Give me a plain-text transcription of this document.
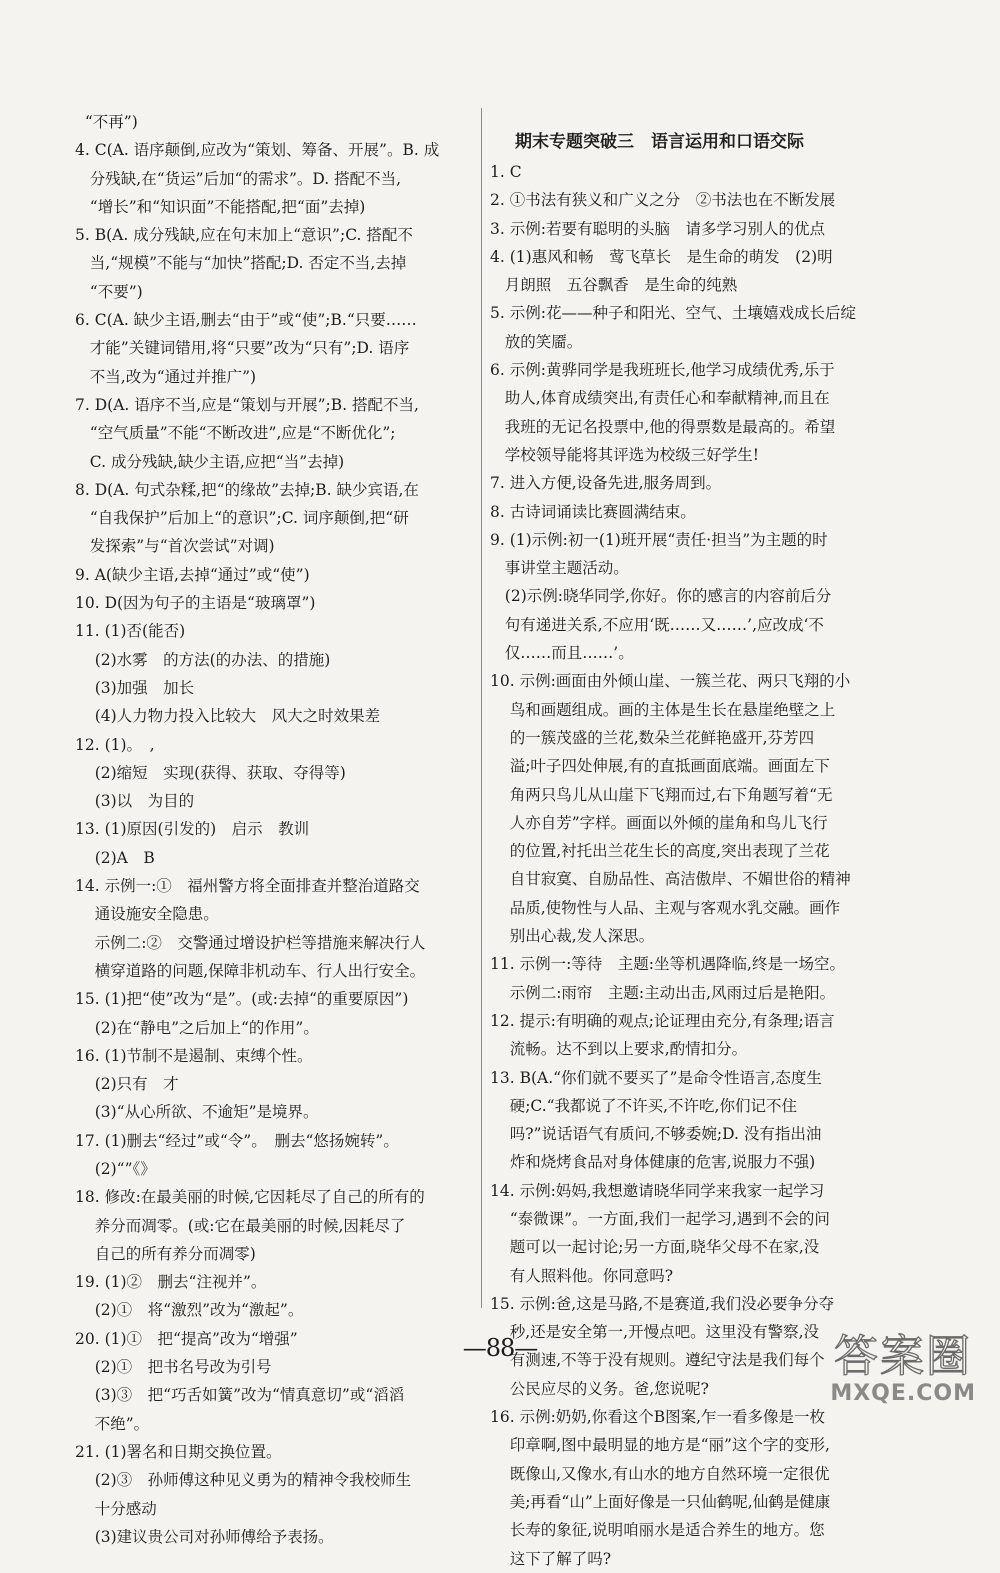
“不再”)
4. C(A. 语序颠倒,应改为“策划、筹备、开展”。B. 成
分残缺,在“货运”后加“的需求”。D. 搭配不当,
“增长”和“知识面”不能搭配,把“面”去掉)
5. B(A. 成分残缺,应在句末加上“意识”;C. 搭配不
当,“规模”不能与“加快”搭配;D. 否定不当,去掉
“不要”)
6. C(A. 缺少主语,删去“由于”或“使”;B.“只要……
才能”关键词错用,将“只要”改为“只有”;D. 语序
不当,改为“通过并推广”)
7. D(A. 语序不当,应是“策划与开展”;B. 搭配不当,
“空气质量”不能“不断改进”,应是“不断优化”;
C. 成分残缺,缺少主语,应把“当”去掉)
8. D(A. 句式杂糅,把“的缘故”去掉;B. 缺少宾语,在
“自我保护”后加上“的意识”;C. 词序颠倒,把“研
发探索”与“首次尝试”对调)
9. A(缺少主语,去掉“通过”或“使”)
10. D(因为句子的主语是“玻璃罩”)
11. (1)否(能否)
(2)水雾　的方法(的办法、的措施)
(3)加强　加长
(4)人力物力投入比较大　风大之时效果差
12. (1)。　,
(2)缩短　实现(获得、获取、夺得等)
(3)以　为目的
13. (1)原因(引发的)　启示　教训
(2)A　B
14. 示例一:①　福州警方将全面排查并整治道路交
通设施安全隐患。
示例二:②　交警通过增设护栏等措施来解决行人
横穿道路的问题,保障非机动车、行人出行安全。
15. (1)把“使”改为“是”。(或:去掉“的重要原因”)
(2)在“静电”之后加上“的作用”。
16. (1)节制不是遏制、束缚个性。
(2)只有　才
(3)“从心所欲、不逾矩”是境界。
17. (1)删去“经过”或“令”。　删去“悠扬婉转”。
(2)“”《》
18. 修改:在最美丽的时候,它因耗尽了自己的所有的
养分而凋零。(或:它在最美丽的时候,因耗尽了
自己的所有养分而凋零)
19. (1)②　删去“注视并”。
(2)①　将“激烈”改为“激起”。
20. (1)①　把“提高”改为“增强”
(2)①　把书名号改为引号
(3)③　把“巧舌如簧”改为“情真意切”或“滔滔
不绝”。
21. (1)署名和日期交换位置。
(2)③　孙师傅这种见义勇为的精神令我校师生
十分感动
(3)建议贵公司对孙师傅给予表扬。
期末专题突破三　语言运用和口语交际
1. C
2. ①书法有狭义和广义之分　②书法也在不断发展
3. 示例:若要有聪明的头脑　请多学习别人的优点
4. (1)惠风和畅　莺飞草长　是生命的萌发　(2)明
月朗照　五谷飘香　是生命的纯熟
5. 示例:花——种子和阳光、空气、土壤嬉戏成长后绽
放的笑靥。
6. 示例:黄骅同学是我班班长,他学习成绩优秀,乐于
助人,体育成绩突出,有责任心和奉献精神,而且在
我班的无记名投票中,他的得票数是最高的。希望
学校领导能将其评选为校级三好学生!
7. 进入方便,设备先进,服务周到。
8. 古诗词诵读比赛圆满结束。
9. (1)示例:初一(1)班开展“责任·担当”为主题的时
事讲堂主题活动。
(2)示例:晓华同学,你好。你的感言的内容前后分
句有递进关系,不应用‘既……又……’,应改成‘不
仅……而且……’。
10. 示例:画面由外倾山崖、一簇兰花、两只飞翔的小
鸟和画题组成。画的主体是生长在悬崖绝壁之上
的一簇茂盛的兰花,数朵兰花鲜艳盛开,芬芳四
溢;叶子四处伸展,有的直抵画面底端。画面左下
角两只鸟儿从山崖下飞翔而过,右下角题写着“无
人亦自芳”字样。画面以外倾的崖角和鸟儿飞行
的位置,衬托出兰花生长的高度,突出表现了兰花
自甘寂寞、自励品性、高洁傲岸、不媚世俗的精神
品质,使物性与人品、主观与客观水乳交融。画作
别出心裁,发人深思。
11. 示例一:等待　主题:坐等机遇降临,终是一场空。
示例二:雨帘　主题:主动出击,风雨过后是艳阳。
12. 提示:有明确的观点;论证理由充分,有条理;语言
流畅。达不到以上要求,酌情扣分。
13. B(A.“你们就不要买了”是命令性语言,态度生
硬;C.“我都说了不许买,不许吃,你们记不住
吗?”说话语气有质问,不够委婉;D. 没有指出油
炸和烧烤食品对身体健康的危害,说服力不强)
14. 示例:妈妈,我想邀请晓华同学来我家一起学习
“泰微课”。一方面,我们一起学习,遇到不会的问
题可以一起讨论;另一方面,晓华父母不在家,没
有人照料他。你同意吗?
15. 示例:爸,这是马路,不是赛道,我们没必要争分夺
秒,还是安全第一,开慢点吧。这里没有警察,没
有测速,不等于没有规则。遵纪守法是我们每个
公民应尽的义务。爸,您说呢?
16. 示例:奶奶,你看这个B图案,乍一看多像是一枚
印章啊,图中最明显的地方是“丽”这个字的变形,
既像山,又像水,有山水的地方自然环境一定很优
美;再看“山”上面好像是一只仙鹤呢,仙鹤是健康
长寿的象征,说明咱丽水是适合养生的地方。您
这下了解了吗?
—88—	答案圈
MXQE.COM
